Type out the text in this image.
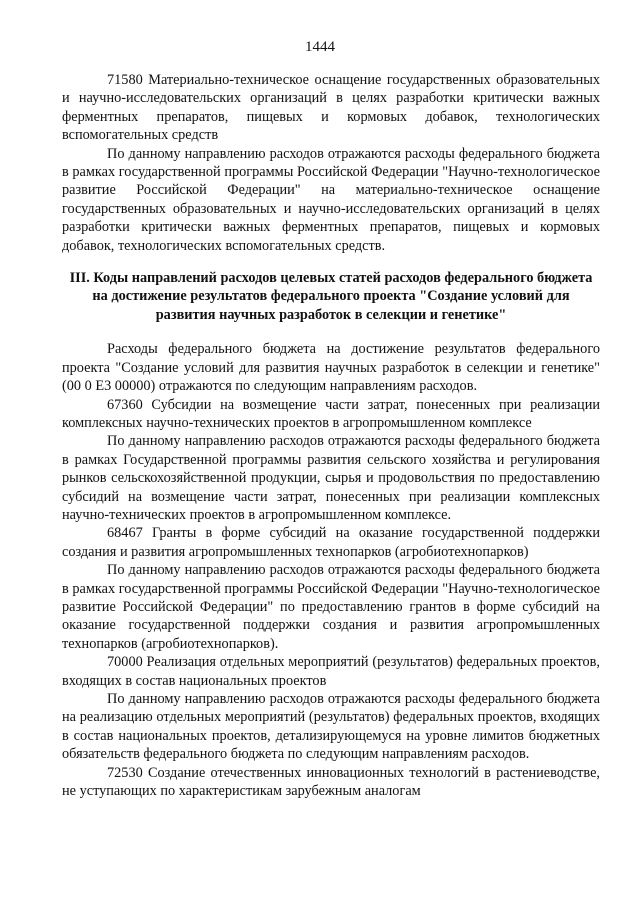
1444

71580 Материально-техническое оснащение государственных образовательных и научно-исследовательских организаций в целях разработки критически важных ферментных препаратов, пищевых и кормовых добавок, технологических вспомогательных средств

По данному направлению расходов отражаются расходы федерального бюджета в рамках государственной программы Российской Федерации "Научно-технологическое развитие Российской Федерации" на материально-техническое оснащение государственных образовательных и научно-исследовательских организаций в целях разработки критически важных ферментных препаратов, пищевых и кормовых добавок, технологических вспомогательных средств.

III. Коды направлений расходов целевых статей расходов федерального бюджета на достижение результатов федерального проекта "Создание условий для развития научных разработок в селекции и генетике"

Расходы федерального бюджета на достижение результатов федерального проекта "Создание условий для развития научных разработок в селекции и генетике" (00 0 Е3 00000) отражаются по следующим направлениям расходов.

67360 Субсидии на возмещение части затрат, понесенных при реализации комплексных научно-технических проектов в агропромышленном комплексе

По данному направлению расходов отражаются расходы федерального бюджета в рамках Государственной программы развития сельского хозяйства и регулирования рынков сельскохозяйственной продукции, сырья и продовольствия по предоставлению субсидий на возмещение части затрат, понесенных при реализации комплексных научно-технических проектов в агропромышленном комплексе.

68467 Гранты в форме субсидий на оказание государственной поддержки создания и развития агропромышленных технопарков (агробиотехнопарков)

По данному направлению расходов отражаются расходы федерального бюджета в рамках государственной программы Российской Федерации "Научно-технологическое развитие Российской Федерации" по предоставлению грантов в форме субсидий на оказание государственной поддержки создания и развития агропромышленных технопарков (агробиотехнопарков).

70000 Реализация отдельных мероприятий (результатов) федеральных проектов, входящих в состав национальных проектов

По данному направлению расходов отражаются расходы федерального бюджета на реализацию отдельных мероприятий (результатов) федеральных проектов, входящих в состав национальных проектов, детализирующемуся на уровне лимитов бюджетных обязательств федерального бюджета по следующим направлениям расходов.

72530 Создание отечественных инновационных технологий в растениеводстве, не уступающих по характеристикам зарубежным аналогам
